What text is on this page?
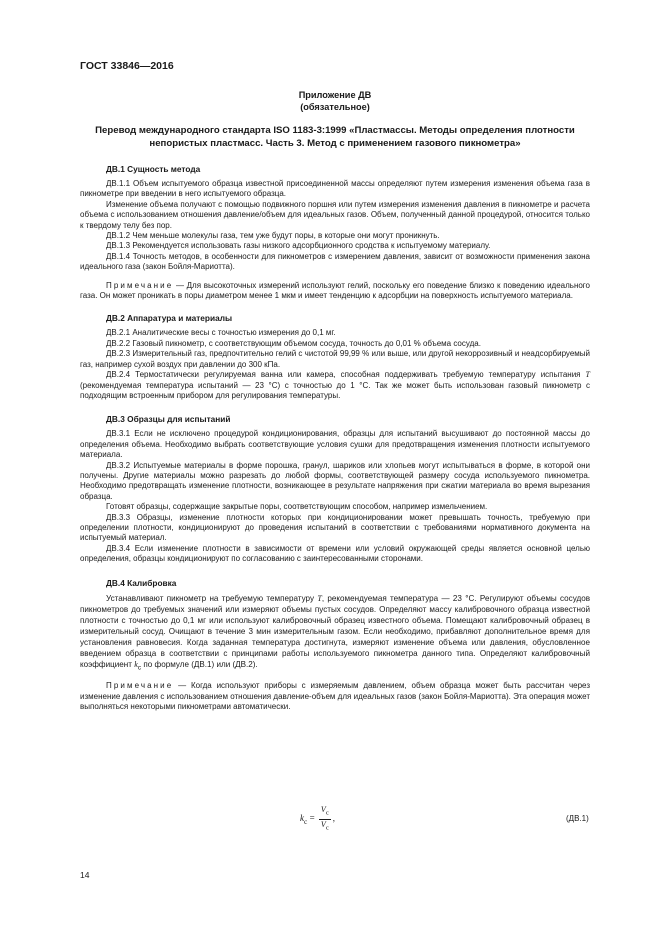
ГОСТ 33846—2016
Приложение ДВ
(обязательное)
Перевод международного стандарта ISO 1183-3:1999 «Пластмассы. Методы определения плотности непористых пластмасс. Часть 3. Метод с применением газового пикнометра»
ДВ.1 Сущность метода

ДВ.1.1 Объем испытуемого образца известной присоединенной массы определяют путем измерения изменения объема газа в пикнометре при введении в него испытуемого образца.

Изменение объема получают с помощью подвижного поршня или путем измерения изменения давления в пикнометре и расчета объема с использованием отношения давление/объем для идеальных газов. Объем, полученный данной процедурой, относится только к твердому телу без пор.

ДВ.1.2 Чем меньше молекулы газа, тем уже будут поры, в которые они могут проникнуть.

ДВ.1.3 Рекомендуется использовать газы низкого адсорбционного сродства к испытуемому материалу.

ДВ.1.4 Точность методов, в особенности для пикнометров с измерением давления, зависит от возможности применения закона идеального газа (закон Бойля-Мариотта).

Примечание — Для высокоточных измерений используют гелий, поскольку его поведение близко к поведению идеального газа. Он может проникать в поры диаметром менее 1 мкм и имеет тенденцию к адсорбции на поверхность испытуемого материала.

ДВ.2 Аппаратура и материалы

ДВ.2.1 Аналитические весы с точностью измерения до 0,1 мг.

ДВ.2.2 Газовый пикнометр, с соответствующим объемом сосуда, точность до 0,01 % объема сосуда.

ДВ.2.3 Измерительный газ, предпочтительно гелий с чистотой 99,99 % или выше, или другой некоррозивный и неадсорбируемый газ, например сухой воздух при давлении до 300 кПа.

ДВ.2.4 Термостатически регулируемая ванна или камера, способная поддерживать требуемую температуру испытания T (рекомендуемая температура испытаний — 23 °С) с точностью до 1 °С. Так же может быть использован газовый пикнометр с подходящим встроенным прибором для регулирования температуры.

ДВ.3 Образцы для испытаний

ДВ.3.1 Если не исключено процедурой кондиционирования, образцы для испытаний высушивают до постоянной массы до определения объема. Необходимо выбрать соответствующие условия сушки для предотвращения изменения плотности испытуемого материала.

ДВ.3.2 Испытуемые материалы в форме порошка, гранул, шариков или хлопьев могут испытываться в форме, в которой они получены. Другие материалы можно разрезать до любой формы, соответствующей размеру сосуда используемого пикнометра. Необходимо предотвращать изменение плотности, возникающее в результате напряжения при сжатии материала во время вырезания образца.

Готовят образцы, содержащие закрытые поры, соответствующим способом, например измельчением.

ДВ.3.3 Образцы, изменение плотности которых при кондиционировании может превышать точность, требуемую при определении плотности, кондиционируют до проведения испытаний в соответствии с требованиями нормативного документа на испытуемый материал.

ДВ.3.4 Если изменение плотности в зависимости от времени или условий окружающей среды является основной целью определения, образцы кондиционируют по согласованию с заинтересованными сторонами.

ДВ.4 Калибровка

Устанавливают пикнометр на требуемую температуру T, рекомендуемая температура — 23 °С. Регулируют объемы сосудов пикнометров до требуемых значений или измеряют объемы пустых сосудов. Определяют массу калибровочного образца известной плотности с точностью до 0,1 мг или используют калибровочный образец известного объема. Помещают калибровочный образец в измерительный сосуд. Очищают в течение 3 мин измерительным газом. Если необходимо, прибавляют дополнительное время для установления равновесия. Когда заданная температура достигнута, измеряют изменение объема или давления, обусловленное введением образца в соответствии с принципами работы используемого пикнометра данного типа. Определяют калибровочный коэффициент $k_c$ по формуле (ДВ.1) или (ДВ.2).

Примечание — Когда используют приборы с измеряемым давлением, объем образца может быть рассчитан через изменение давления с использованием отношения давление-объем для идеальных газов (закон Бойля-Мариотта). Эта операция может выполняться некоторыми пикнометрами автоматически.

$k_c = \frac{V_c}{V_c}$ ,	(ДВ.1)
14
